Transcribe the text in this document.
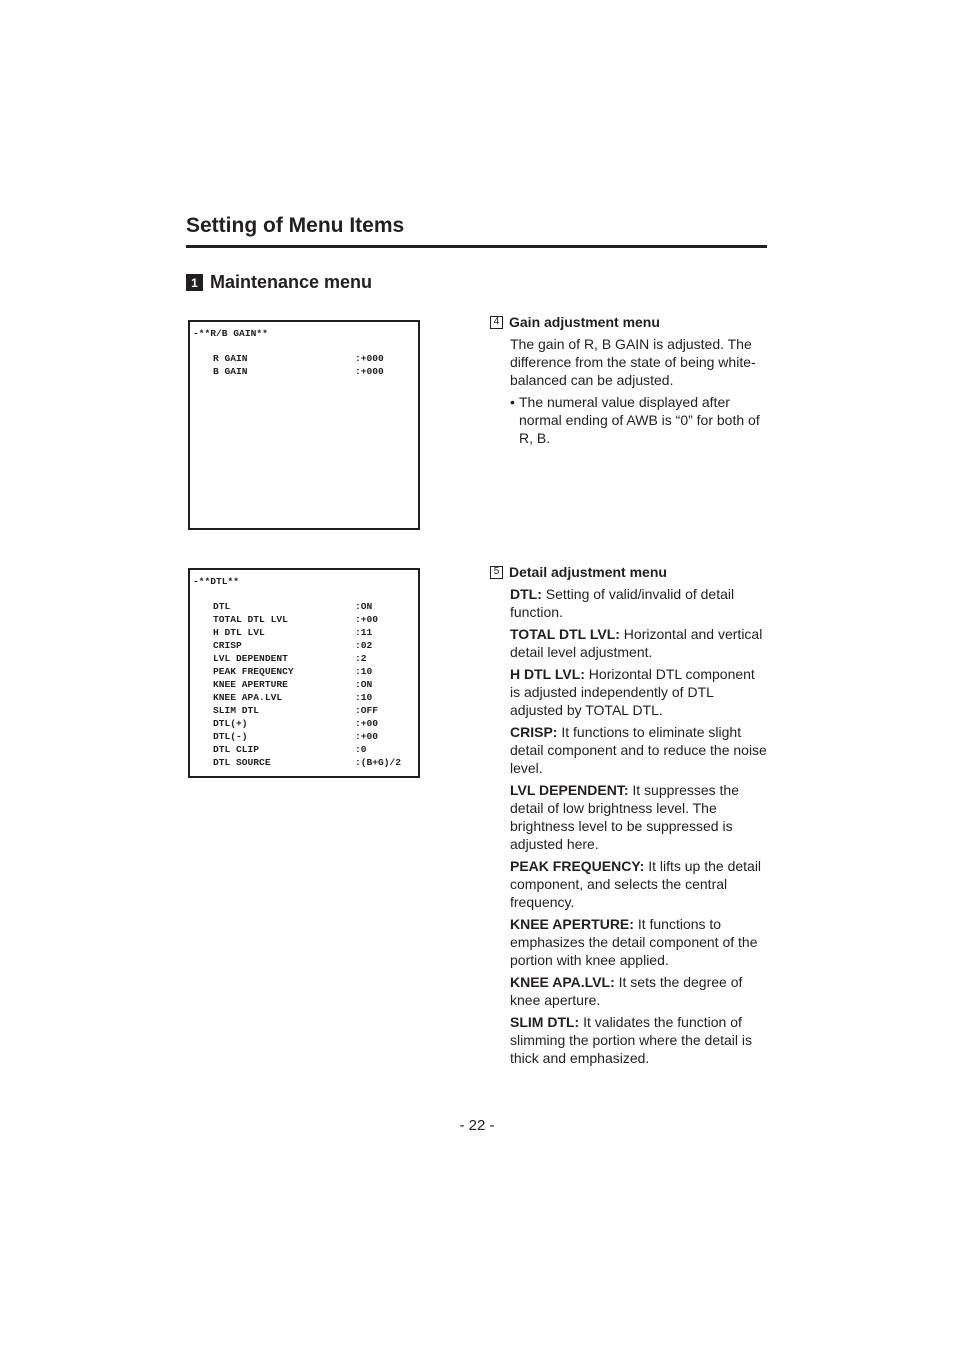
Setting of Menu Items
1 Maintenance menu
-**R/B GAIN**
R GAIN	:+000
B GAIN	:+000
-**DTL**
DTL	:ON
TOTAL DTL LVL	:+00
H DTL LVL	:11
CRISP	:02
LVL DEPENDENT	:2
PEAK FREQUENCY	:10
KNEE APERTURE	:ON
KNEE APA.LVL	:10
SLIM DTL	:OFF
DTL(+)	:+00
DTL(-)	:+00
DTL CLIP	:0
DTL SOURCE	:(B+G)/2
4 Gain adjustment menu

The gain of R, B GAIN is adjusted. The difference from the state of being white-balanced can be adjusted.

• The numeral value displayed after normal ending of AWB is “0” for both of R, B.
5 Detail adjustment menu

DTL: Setting of valid/invalid of detail function.

TOTAL DTL LVL: Horizontal and vertical detail level adjustment.

H DTL LVL: Horizontal DTL component is adjusted independently of DTL adjusted by TOTAL DTL.

CRISP: It functions to eliminate slight detail component and to reduce the noise level.

LVL DEPENDENT: It suppresses the detail of low brightness level. The brightness level to be suppressed is adjusted here.

PEAK FREQUENCY: It lifts up the detail component, and selects the central frequency.

KNEE APERTURE: It functions to emphasizes the detail component of the portion with knee applied.

KNEE APA.LVL: It sets the degree of knee aperture.

SLIM DTL: It validates the function of slimming the portion where the detail is thick and emphasized.

- 22 -
